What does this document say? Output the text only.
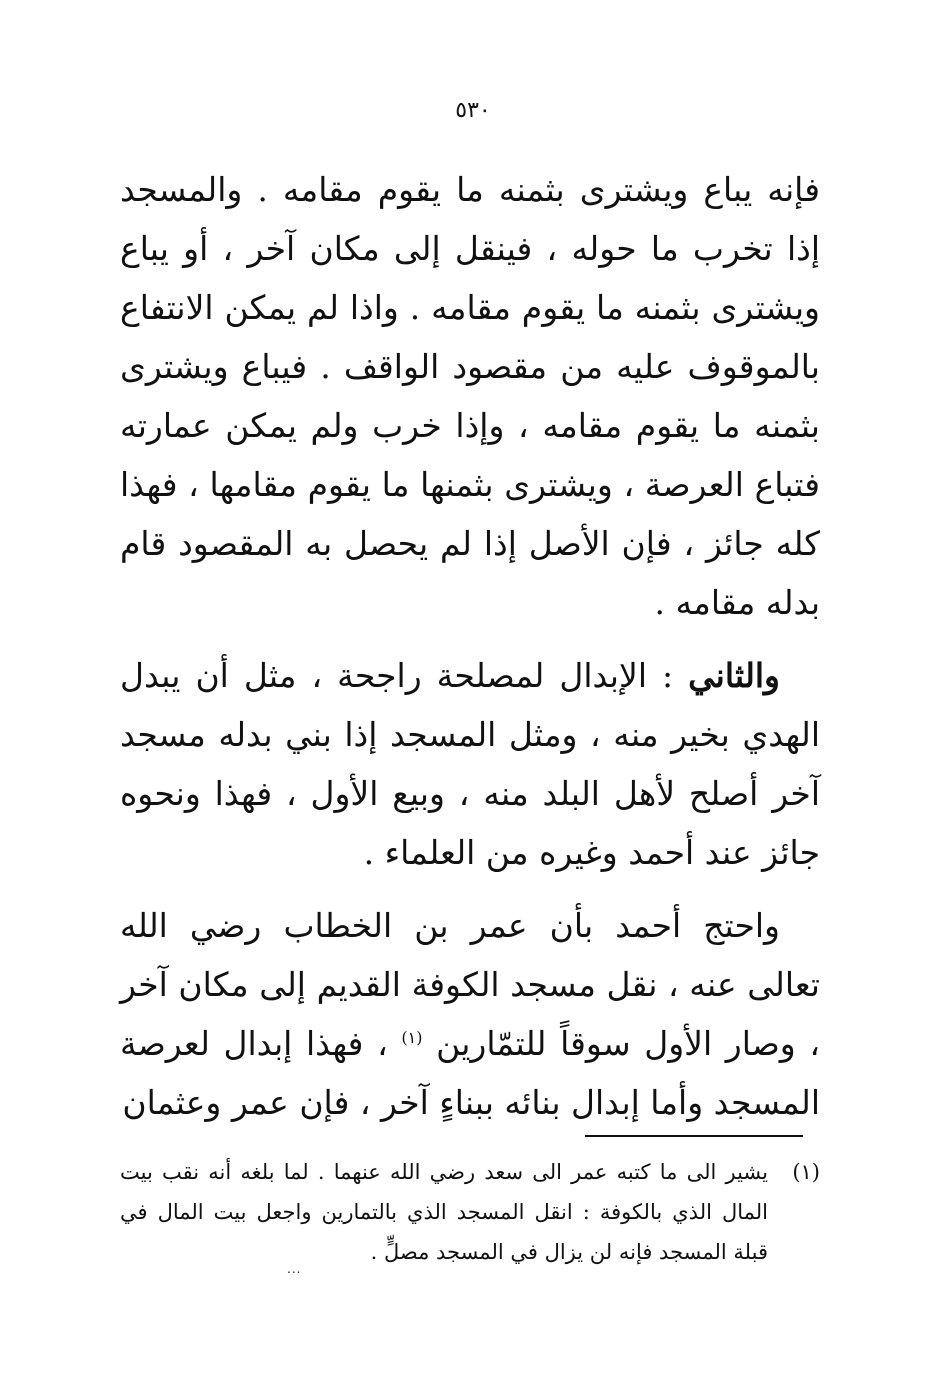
٥٣٠

فإنه يباع ويشترى بثمنه ما يقوم مقامه . والمسجد إذا تخرب ما حوله ، فينقل إلى مكان آخر ، أو يباع ويشترى بثمنه ما يقوم مقامه . واذا لم يمكن الانتفاع بالموقوف عليه من مقصود الواقف . فيباع ويشترى بثمنه ما يقوم مقامه ، وإذا خرب ولم يمكن عمارته فتباع العرصة ، ويشترى بثمنها ما يقوم مقامها ، فهذا كله جائز ، فإن الأصل إذا لم يحصل به المقصود قام بدله مقامه .

والثاني : الإبدال لمصلحة راجحة ، مثل أن يبدل الهدي بخير منه ، ومثل المسجد إذا بني بدله مسجد آخر أصلح لأهل البلد منه ، وبيع الأول ، فهذا ونحوه جائز عند أحمد وغيره من العلماء .

واحتج أحمد بأن عمر بن الخطاب رضي الله تعالى عنه ، نقل مسجد الكوفة القديم إلى مكان آخر ، وصار الأول سوقاً للتمّارين $^{(١)}$ ، فهذا إبدال لعرصة المسجد وأما إبدال بنائه ببناءٍ آخر ، فإن عمر وعثمان

(١)
يشير الى ما كتبه عمر الى سعد رضي الله عنهما . لما بلغه أنه نقب بيت المال الذي بالكوفة : انقل المسجد الذي بالتمارين واجعل بيت المال في قبلة المسجد فإنه لن يزال في المسجد مصلٍّ .
...
